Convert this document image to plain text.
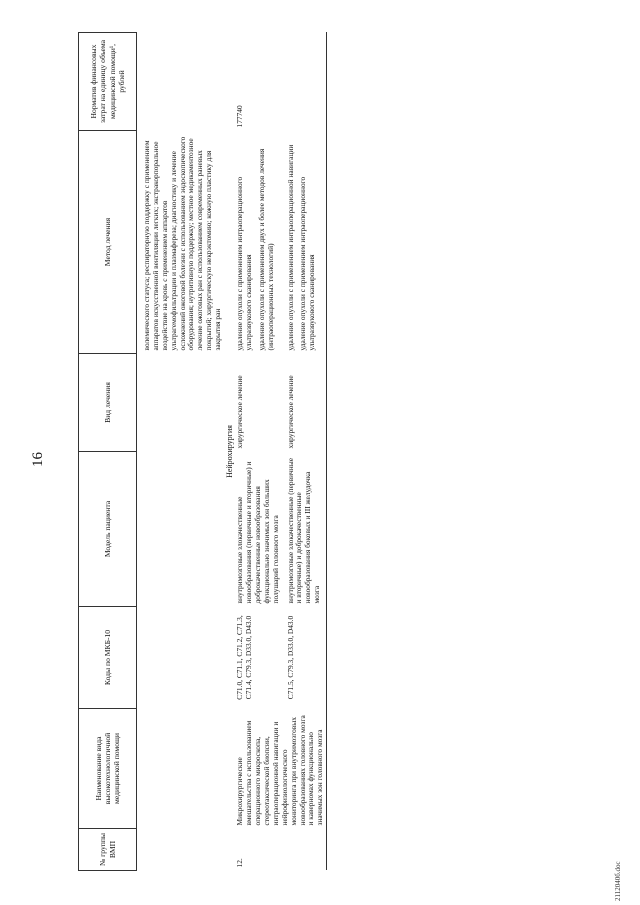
16
№ группы ВМП	Наименование вида высокотехнологичной медицинской помощи	Коды по МКБ-10	Модель пациента	Вид лечения	Метод лечения	Норматив финансовых затрат на единицу объема медицинской помощи¹, рублей
					волемического статуса; респираторную поддержку с применением аппаратов искусственной вентиляции легких; экстракорпоральное воздействие на кровь с применением аппаратов ультрагемофильтрации и плазмафереза; диагностику и лечение осложнений ожоговой болезни с использованием эндоскопического оборудования; нутритивную поддержку; местное медикаментозное лечение ожоговых ран с использованием современных раневых покрытий; хирургическую некрэктомию; кожную пластику для закрытия ран	
Нейрохирургия						
12.	Микрохирургические вмешательства с использованием операционного микроскопа, стереотаксической биопсии, интраоперационной навигации и нейрофизиологического мониторинга при внутримозговых новообразованиях головного мозга и каверномах функционально значимых зон головного мозга	C71.0, C71.1, C71.2, C71.3, C71.4, C79.3, D33.0, D43.0	внутримозговые злокачественные новообразования (первичные и вторичные) и доброкачественные новообразования функционально значимых зон больших полушарий головного мозга	хирургическое лечение	удаление опухоли с применением интраоперационного ультразвукового сканирования удаление опухоли с применением двух и более методов лечения (интраоперационных технологий)	177740
		C71.5, C79.3, D33.0, D43.0	внутримозговые злокачественные (первичные и вторичные) и доброкачественные новообразования боковых и III желудочка мозга	хирургическое лечение	удаление опухоли с применением интраоперационной навигации удаление опухоли с применением интраоперационного ультразвукового сканирования	
2112040б.doc
